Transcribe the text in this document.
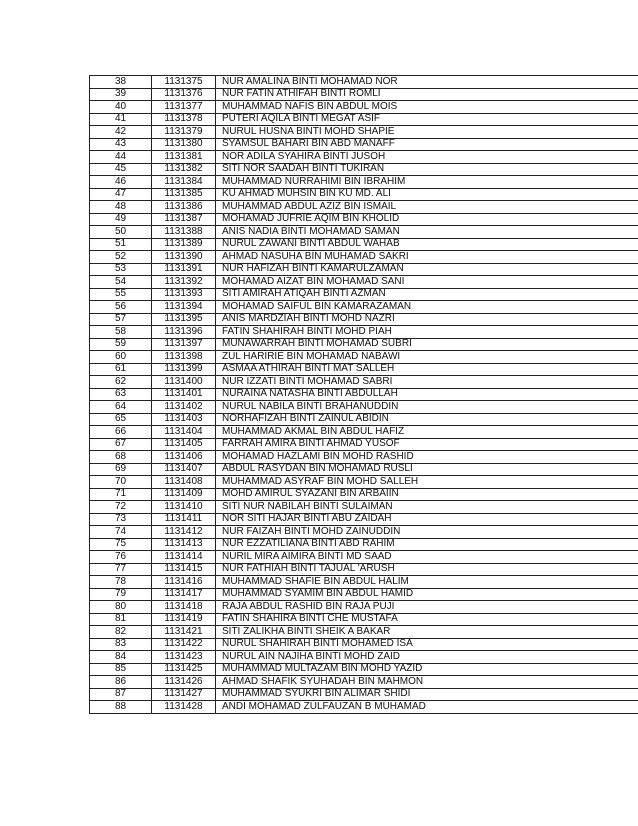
38	1131375	NUR AMALINA BINTI MOHAMAD NOR
39	1131376	NUR FATIN ATHIFAH BINTI ROMLI
40	1131377	MUHAMMAD NAFIS BIN ABDUL MOIS
41	1131378	PUTERI AQILA BINTI MEGAT ASIF
42	1131379	NURUL HUSNA BINTI MOHD SHAPIE
43	1131380	SYAMSUL BAHARI BIN ABD MANAFF
44	1131381	NOR ADILA SYAHIRA BINTI JUSOH
45	1131382	SITI NOR SAADAH BINTI TUKIRAN
46	1131384	MUHAMMAD NURRAHIMI BIN IBRAHIM
47	1131385	KU AHMAD MUHSIN BIN KU MD. ALI
48	1131386	MUHAMMAD ABDUL AZIZ BIN ISMAIL
49	1131387	MOHAMAD JUFRIE AQIM BIN KHOLID
50	1131388	ANIS NADIA BINTI MOHAMAD SAMAN
51	1131389	NURUL ZAWANI BINTI ABDUL WAHAB
52	1131390	AHMAD NASUHA BIN MUHAMAD SAKRI
53	1131391	NUR HAFIZAH BINTI KAMARULZAMAN
54	1131392	MOHAMAD AIZAT BIN MOHAMAD SANI
55	1131393	SITI AMIRAH ATIQAH BINTI AZMAN
56	1131394	MOHAMAD SAIFUL BIN KAMARAZAMAN
57	1131395	ANIS MARDZIAH BINTI MOHD NAZRI
58	1131396	FATIN SHAHIRAH BINTI MOHD PIAH
59	1131397	MUNAWARRAH BINTI MOHAMAD SUBRI
60	1131398	ZUL HARIRIE BIN MOHAMAD NABAWI
61	1131399	ASMAA ATHIRAH BINTI MAT SALLEH
62	1131400	NUR IZZATI BINTI MOHAMAD SABRI
63	1131401	NURAINA NATASHA BINTI ABDULLAH
64	1131402	NURUL NABILA BINTI BRAHANUDDIN
65	1131403	NORHAFIZAH BINTI ZAINUL ABIDIN
66	1131404	MUHAMMAD AKMAL BIN ABDUL HAFIZ
67	1131405	FARRAH AMIRA BINTI AHMAD YUSOF
68	1131406	MOHAMAD HAZLAMI BIN MOHD RASHID
69	1131407	ABDUL RASYDAN BIN MOHAMAD RUSLI
70	1131408	MUHAMMAD ASYRAF BIN MOHD SALLEH
71	1131409	MOHD AMIRUL SYAZANI BIN ARBAIIN
72	1131410	SITI NUR NABILAH BINTI SULAIMAN
73	1131411	NOR SITI HAJAR BINTI ABU ZAIDAH
74	1131412	NUR FAIZAH BINTI MOHD ZAINUDDIN
75	1131413	NUR EZZATILIANA BINTI ABD RAHIM
76	1131414	NURIL MIRA AIMIRA BINTI MD SAAD
77	1131415	NUR FATHIAH BINTI TAJUAL 'ARUSH
78	1131416	MUHAMMAD SHAFIE BIN ABDUL HALIM
79	1131417	MUHAMMAD SYAMIM BIN ABDUL HAMID
80	1131418	RAJA ABDUL RASHID BIN RAJA PUJI
81	1131419	FATIN SHAHIRA BINTI CHE MUSTAFA
82	1131421	SITI ZALIKHA BINTI SHEIK A BAKAR
83	1131422	NURUL SHAHIRAH BINTI MOHAMED ISA
84	1131423	NURUL AIN NAJIHA BINTI MOHD ZAID
85	1131425	MUHAMMAD MULTAZAM BIN MOHD YAZID
86	1131426	AHMAD SHAFIK SYUHADAH BIN MAHMON
87	1131427	MUHAMMAD SYUKRI BIN ALIMAR SHIDI
88	1131428	ANDI MOHAMAD ZULFAUZAN B MUHAMAD
